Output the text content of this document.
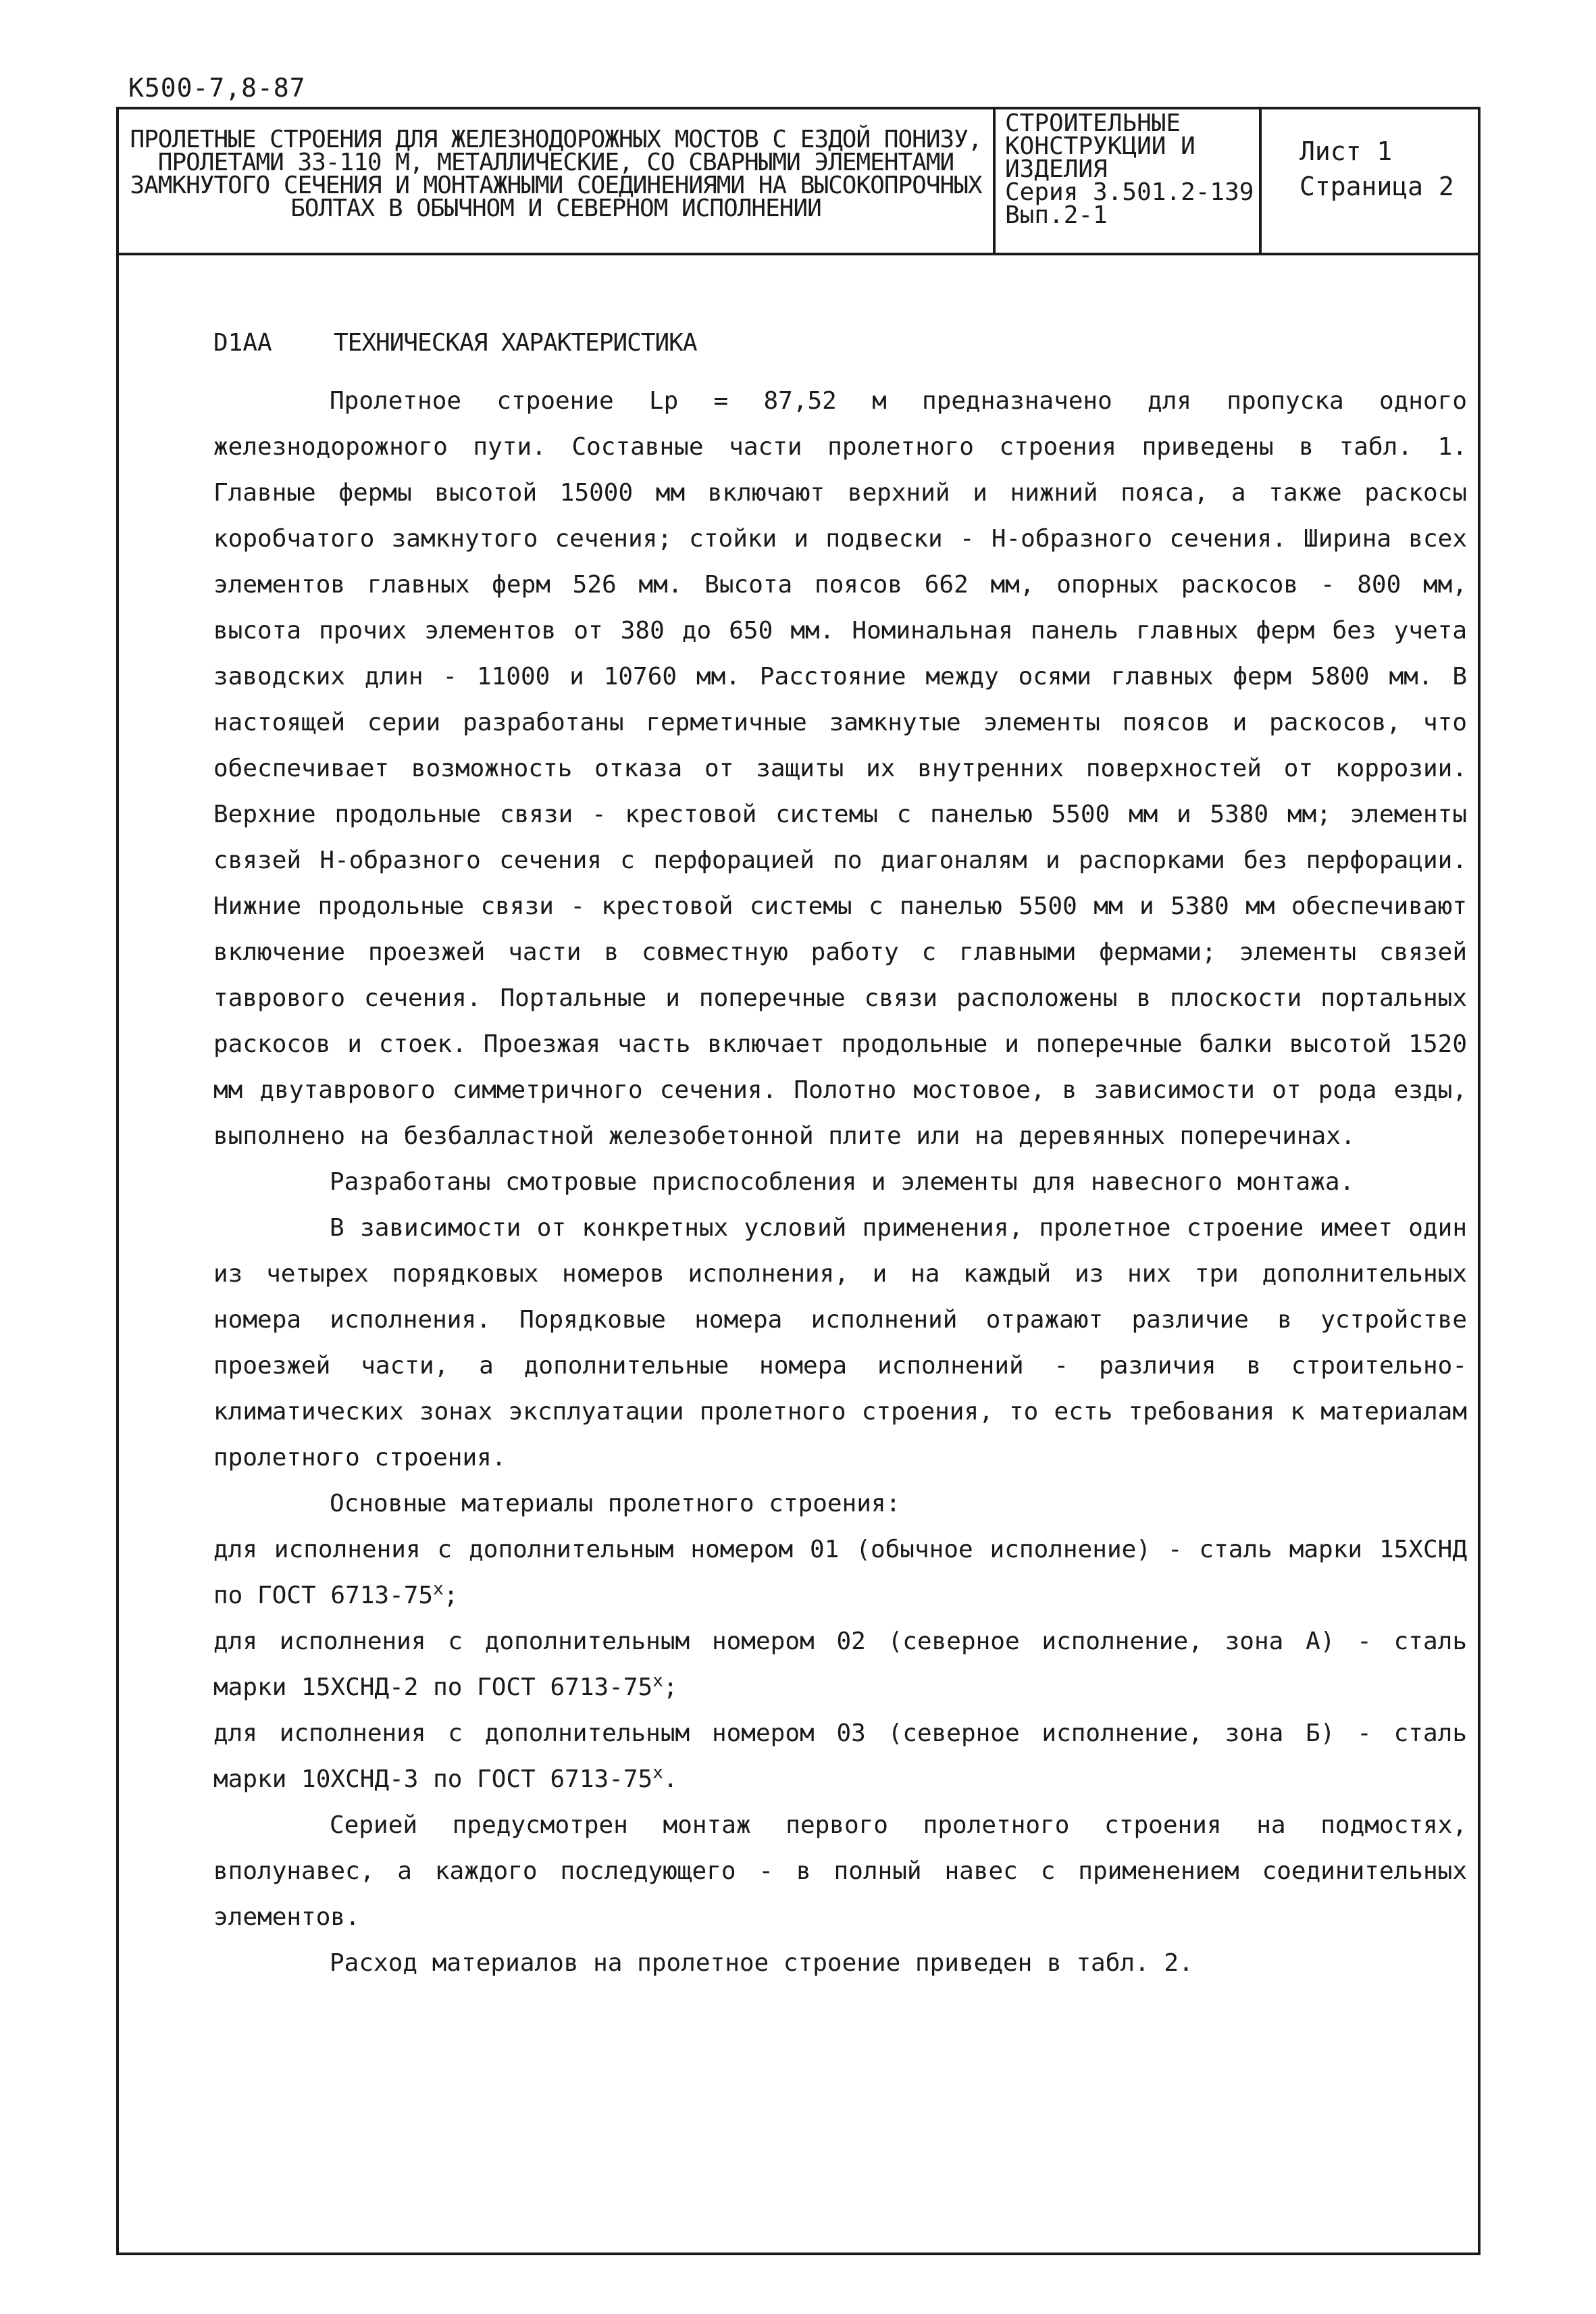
К500-7,8-87
ПРОЛЕТНЫЕ СТРОЕНИЯ ДЛЯ ЖЕЛЕЗНОДОРОЖНЫХ МОСТОВ С ЕЗДОЙ ПОНИЗУ,
ПРОЛЕТАМИ 33-110 М, МЕТАЛЛИЧЕСКИЕ, СО СВАРНЫМИ ЭЛЕМЕНТАМИ
ЗАМКНУТОГО СЕЧЕНИЯ И МОНТАЖНЫМИ СОЕДИНЕНИЯМИ НА ВЫСОКОПРОЧНЫХ
БОЛТАХ В ОБЫЧНОМ И СЕВЕРНОМ ИСПОЛНЕНИИ
СТРОИТЕЛЬНЫЕ
КОНСТРУКЦИИ И
ИЗДЕЛИЯ
Серия 3.501.2-139
Вып.2-1
Лист 1
Страница 2
D1АА	ТЕХНИЧЕСКАЯ ХАРАКТЕРИСТИКА

Пролетное строение Lр = 87,52 м предназначено для пропуска одного железнодорожного пути. Составные части пролетного строения приведены в табл. 1. Главные фермы высотой 15000 мм включают верхний и нижний пояса, а также раскосы коробчатого замкнутого сечения; стойки и подвески - Н-образного сечения. Ширина всех элементов главных ферм 526 мм. Высота поясов 662 мм, опорных раскосов - 800 мм, высота прочих элементов от 380 до 650 мм. Номинальная панель главных ферм без учета заводских длин - 11000 и 10760 мм. Расстояние между осями главных ферм 5800 мм. В настоящей серии разработаны герметичные замкнутые элементы поясов и раскосов, что обеспечивает возможность отказа от защиты их внутренних поверхностей от коррозии. Верхние продольные связи - крестовой системы с панелью 5500 мм и 5380 мм; элементы связей Н-образного сечения с перфорацией по диагоналям и распорками без перфорации. Нижние продольные связи - крестовой системы с панелью 5500 мм и 5380 мм обеспечивают включение проезжей части в совместную работу с главными фермами; элементы связей таврового сечения. Портальные и поперечные связи расположены в плоскости портальных раскосов и стоек. Проезжая часть включает продольные и поперечные балки высотой 1520 мм двутаврового симметричного сечения. Полотно мостовое, в зависимости от рода езды, выполнено на безбалластной железобетонной плите или на деревянных поперечинах.

Разработаны смотровые приспособления и элементы для навесного монтажа.

В зависимости от конкретных условий применения, пролетное строение имеет один из четырех порядковых номеров исполнения, и на каждый из них три дополнительных номера исполнения. Порядковые номера исполнений отражают различие в устройстве проезжей части, а дополнительные номера исполнений - различия в строительно-климатических зонах эксплуатации пролетного строения, то есть требования к материалам пролетного строения.

Основные материалы пролетного строения:

для исполнения с дополнительным номером 01 (обычное исполнение) - сталь марки 15ХСНД по ГОСТ $6713-75^х$;

для исполнения с дополнительным номером 02 (северное исполнение, зона А) - сталь марки 15ХСНД-2 по ГОСТ $6713-75^х$;

для исполнения с дополнительным номером 03 (северное исполнение, зона Б) - сталь марки 10ХСНД-3 по ГОСТ $6713-75^х$.

Серией предусмотрен монтаж первого пролетного строения на подмостях, вполунавес, а каждого последующего - в полный навес с применением соединительных элементов.

Расход материалов на пролетное строение приведен в табл. 2.
